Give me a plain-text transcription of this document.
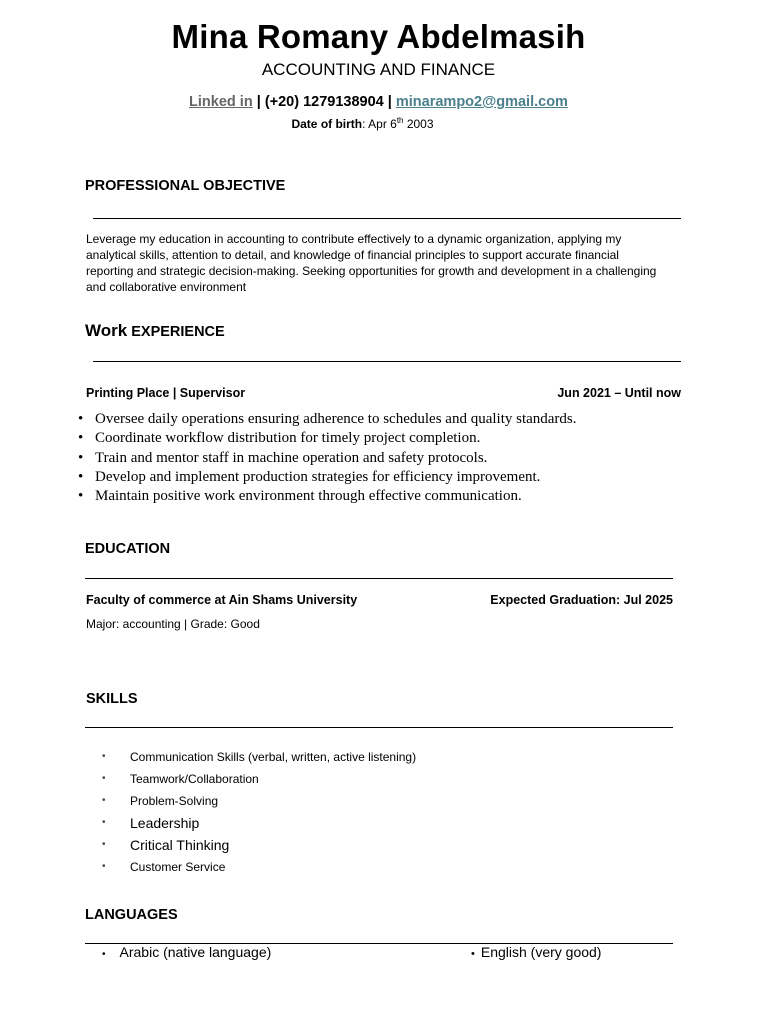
Mina Romany Abdelmasih
ACCOUNTING AND FINANCE
Linked in | (+20) 1279138904 | minarampo2@gmail.com
Date of birth: Apr 6th 2003
PROFESSIONAL OBJECTIVE
Leverage my education in accounting to contribute effectively to a dynamic organization, applying my analytical skills, attention to detail, and knowledge of financial principles to support accurate financial reporting and strategic decision-making. Seeking opportunities for growth and development in a challenging and collaborative environment
Work EXPERIENCE
Printing Place | Supervisor	Jun 2021 – Until now
• Oversee daily operations ensuring adherence to schedules and quality standards.
• Coordinate workflow distribution for timely project completion.
• Train and mentor staff in machine operation and safety protocols.
• Develop and implement production strategies for efficiency improvement.
• Maintain positive work environment through effective communication.
EDUCATION
Faculty of commerce at Ain Shams University	Expected Graduation: Jul 2025
Major: accounting | Grade: Good
SKILLS
• Communication Skills (verbal, written, active listening)
• Teamwork/Collaboration
• Problem-Solving
• Leadership
• Critical Thinking
• Customer Service
LANGUAGES
• Arabic (native language)	• English (very good)
